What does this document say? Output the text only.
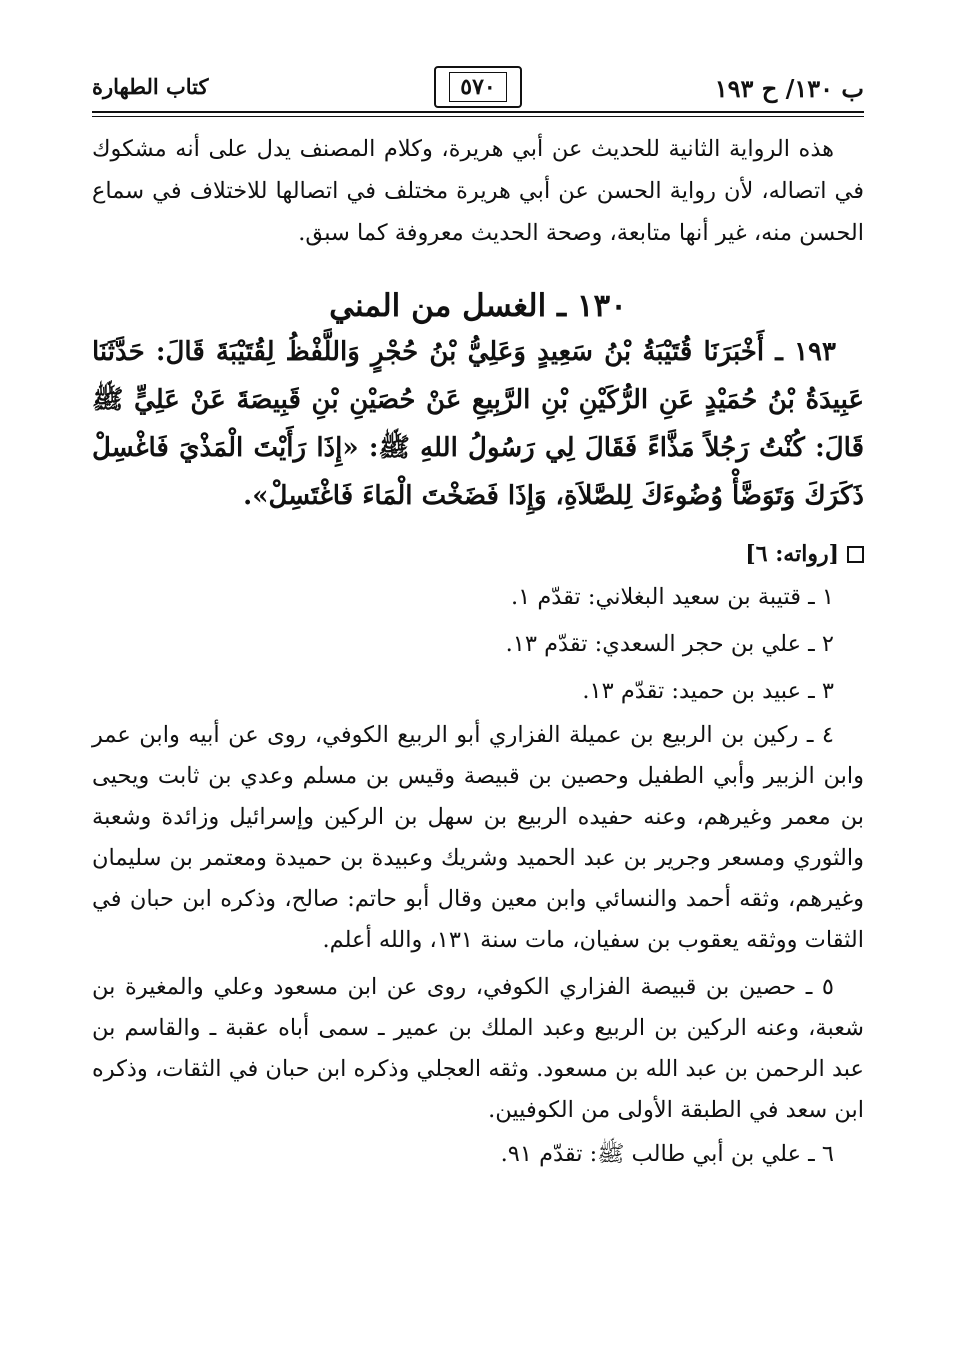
ب ١٣٠/ ح ١٩٣
٥٧٠
كتاب الطهارة

هذه الرواية الثانية للحديث عن أبي هريرة، وكلام المصنف يدل على أنه مشكوك في اتصاله، لأن رواية الحسن عن أبي هريرة مختلف في اتصالها للاختلاف في سماع الحسن منه، غير أنها متابعة، وصحة الحديث معروفة كما سبق.

١٣٠ ـ الغسل من المني

١٩٣ ـ أَخْبَرَنَا قُتَيْبَةُ بْنُ سَعِيدٍ وَعَلِيُّ بْنُ حُجْرٍ وَاللَّفْظُ لِقُتَيْبَةَ قَالَ: حَدَّثَنَا عَبِيدَةُ بْنُ حُمَيْدٍ عَنِ الرُّكَيْنِ بْنِ الرَّبِيعِ عَنْ حُصَيْنِ بْنِ قَبِيصَةَ عَنْ عَلِيٍّ ﷺ قَالَ: كُنْتُ رَجُلاً مَذَّاءً فَقَالَ لِي رَسُولُ اللهِ ﷺ: «إِذَا رَأَيْتَ الْمَذْيَ فَاغْسِلْ ذَكَرَكَ وَتَوَضَّأْ وُضُوءَكَ لِلصَّلاَةِ، وَإِذَا فَضَخْتَ الْمَاءَ فَاغْتَسِلْ».

[رواته: ٦]

١ ـ قتيبة بن سعيد البغلاني: تقدّم ١.

٢ ـ علي بن حجر السعدي: تقدّم ١٣.

٣ ـ عبيد بن حميد: تقدّم ١٣.

٤ ـ ركين بن الربيع بن عميلة الفزاري أبو الربيع الكوفي، روى عن أبيه وابن عمر وابن الزبير وأبي الطفيل وحصين بن قبيصة وقيس بن مسلم وعدي بن ثابت ويحيى بن معمر وغيرهم، وعنه حفيده الربيع بن سهل بن الركين وإسرائيل وزائدة وشعبة والثوري ومسعر وجرير بن عبد الحميد وشريك وعبيدة بن حميدة ومعتمر بن سليمان وغيرهم، وثقه أحمد والنسائي وابن معين وقال أبو حاتم: صالح، وذكره ابن حبان في الثقات ووثقه يعقوب بن سفيان، مات سنة ١٣١، والله أعلم.

٥ ـ حصين بن قبيصة الفزاري الكوفي، روى عن ابن مسعود وعلي والمغيرة بن شعبة، وعنه الركين بن الربيع وعبد الملك بن عمير ـ سمى أباه عقبة ـ والقاسم بن عبد الرحمن بن عبد الله بن مسعود. وثقه العجلي وذكره ابن حبان في الثقات، وذكره ابن سعد في الطبقة الأولى من الكوفيين.

٦ ـ علي بن أبي طالب ﷺ: تقدّم ٩١.
